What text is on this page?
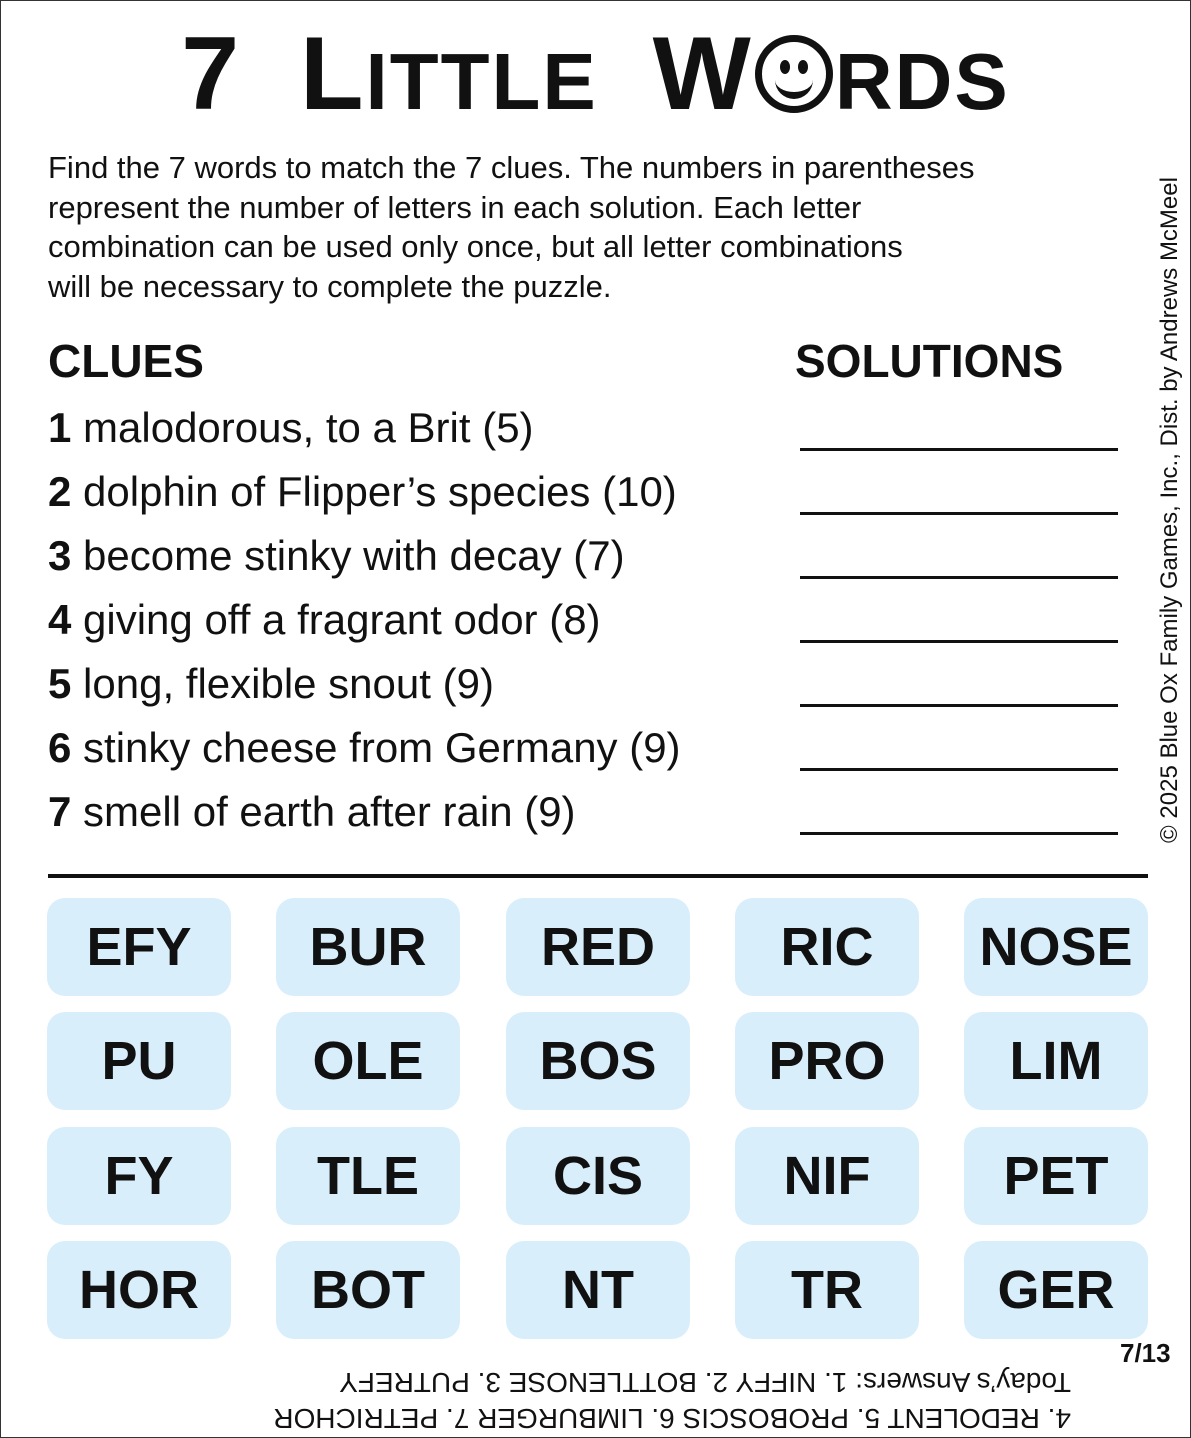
7 LITTLE W RDS
Find the 7 words to match the 7 clues. The numbers in parentheses
represent the number of letters in each solution. Each letter
combination can be used only once, but all letter combinations
will be necessary to complete the puzzle.
CLUES	SOLUTIONS
1 malodorous, to a Brit (5)
2 dolphin of Flipper’s species (10)
3 become stinky with decay (7)
4 giving off a fragrant odor (8)
5 long, flexible snout (9)
6 stinky cheese from Germany (9)
7 smell of earth after rain (9)
EFY	BUR	RED	RIC	NOSE
PU	OLE	BOS	PRO	LIM
FY	TLE	CIS	NIF	PET
HOR	BOT	NT	TR	GER
© 2025 Blue Ox Family Games, Inc., Dist. by Andrews McMeel
Today’s Answers: 1. NIFFY 2. BOTTLENOSE 3. PUTREFY
4. REDOLENT 5. PROBOSCIS 6. LIMBURGER 7. PETRICHOR
7/13
